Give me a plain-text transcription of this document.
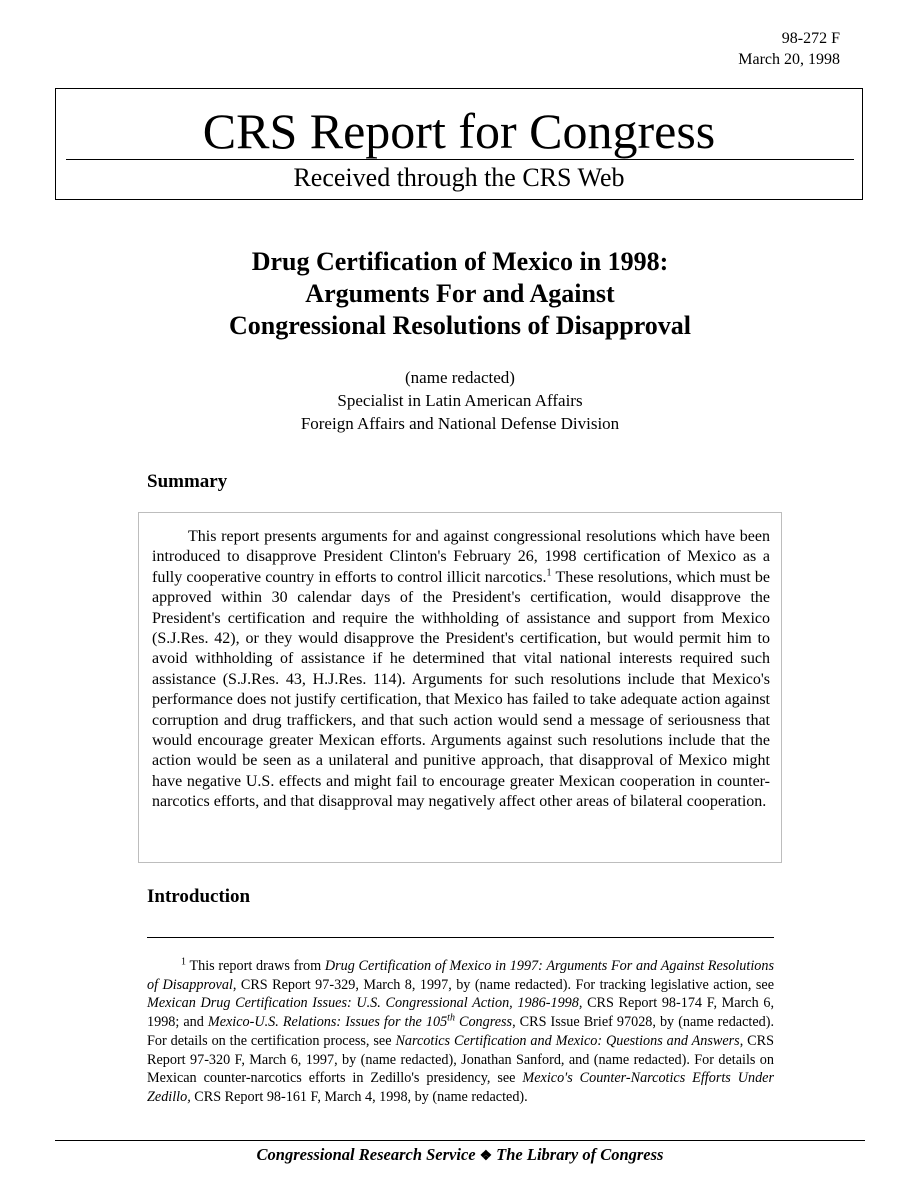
98-272 F
March 20, 1998
CRS Report for Congress
Received through the CRS Web
Drug Certification of Mexico in 1998:
Arguments For and Against
Congressional Resolutions of Disapproval
(name redacted)
Specialist in Latin American Affairs
Foreign Affairs and National Defense Division
Summary

This report presents arguments for and against congressional resolutions which have been introduced to disapprove President Clinton's February 26, 1998 certification of Mexico as a fully cooperative country in efforts to control illicit narcotics.$^1$ These resolutions, which must be approved within 30 calendar days of the President's certification, would disapprove the President's certification and require the withholding of assistance and support from Mexico (S.J.Res. 42), or they would disapprove the President's certification, but would permit him to avoid withholding of assistance if he determined that vital national interests required such assistance (S.J.Res. 43, H.J.Res. 114). Arguments for such resolutions include that Mexico's performance does not justify certification, that Mexico has failed to take adequate action against corruption and drug traffickers, and that such action would send a message of seriousness that would encourage greater Mexican efforts. Arguments against such resolutions include that the action would be seen as a unilateral and punitive approach, that disapproval of Mexico might have negative U.S. effects and might fail to encourage greater Mexican cooperation in counter-narcotics efforts, and that disapproval may negatively affect other areas of bilateral cooperation.

Introduction

$^1$ This report draws from Drug Certification of Mexico in 1997: Arguments For and Against Resolutions of Disapproval, CRS Report 97-329, March 8, 1997, by (name redacted). For tracking legislative action, see Mexican Drug Certification Issues: U.S. Congressional Action, 1986-1998, CRS Report 98-174 F, March 6, 1998; and Mexico-U.S. Relations: Issues for the 105th Congress, CRS Issue Brief 97028, by (name redacted). For details on the certification process, see Narcotics Certification and Mexico: Questions and Answers, CRS Report 97-320 F, March 6, 1997, by (name redacted), Jonathan Sanford, and (name redacted). For details on Mexican counter-narcotics efforts in Zedillo's presidency, see Mexico's Counter-Narcotics Efforts Under Zedillo, CRS Report 98-161 F, March 4, 1998, by (name redacted).

Congressional Research Service ❖ The Library of Congress
